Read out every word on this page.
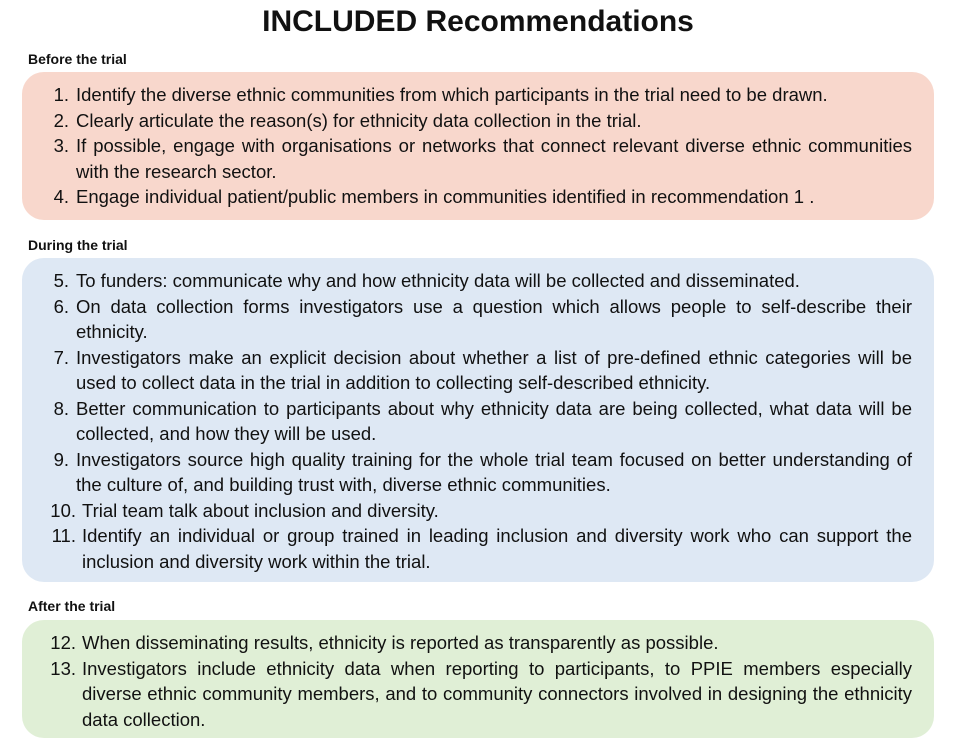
INCLUDED Recommendations
Before the trial
1. Identify the diverse ethnic communities from which participants in the trial need to be drawn.
2. Clearly articulate the reason(s) for ethnicity data collection in the trial.
3. If possible, engage with organisations or networks that connect relevant diverse ethnic communities with the research sector.
4. Engage individual patient/public members in communities identified in recommendation 1 .
During the trial
5. To funders: communicate why and how ethnicity data will be collected and disseminated.
6. On data collection forms investigators use a question which allows people to self-describe their ethnicity.
7. Investigators make an explicit decision about whether a list of pre-defined ethnic categories will be used to collect data in the trial in addition to collecting self-described ethnicity.
8. Better communication to participants about why ethnicity data are being collected, what data will be collected, and how they will be used.
9. Investigators source high quality training for the whole trial team focused on better understanding of the culture of, and building trust with, diverse ethnic communities.
10. Trial team talk about inclusion and diversity.
11. Identify an individual or group trained in leading inclusion and diversity work who can support the inclusion and diversity work within the trial.
After the trial
12. When disseminating results, ethnicity is reported as transparently as possible.
13. Investigators include ethnicity data when reporting to participants, to PPIE members especially diverse ethnic community members, and to community connectors involved in designing the ethnicity data collection.
